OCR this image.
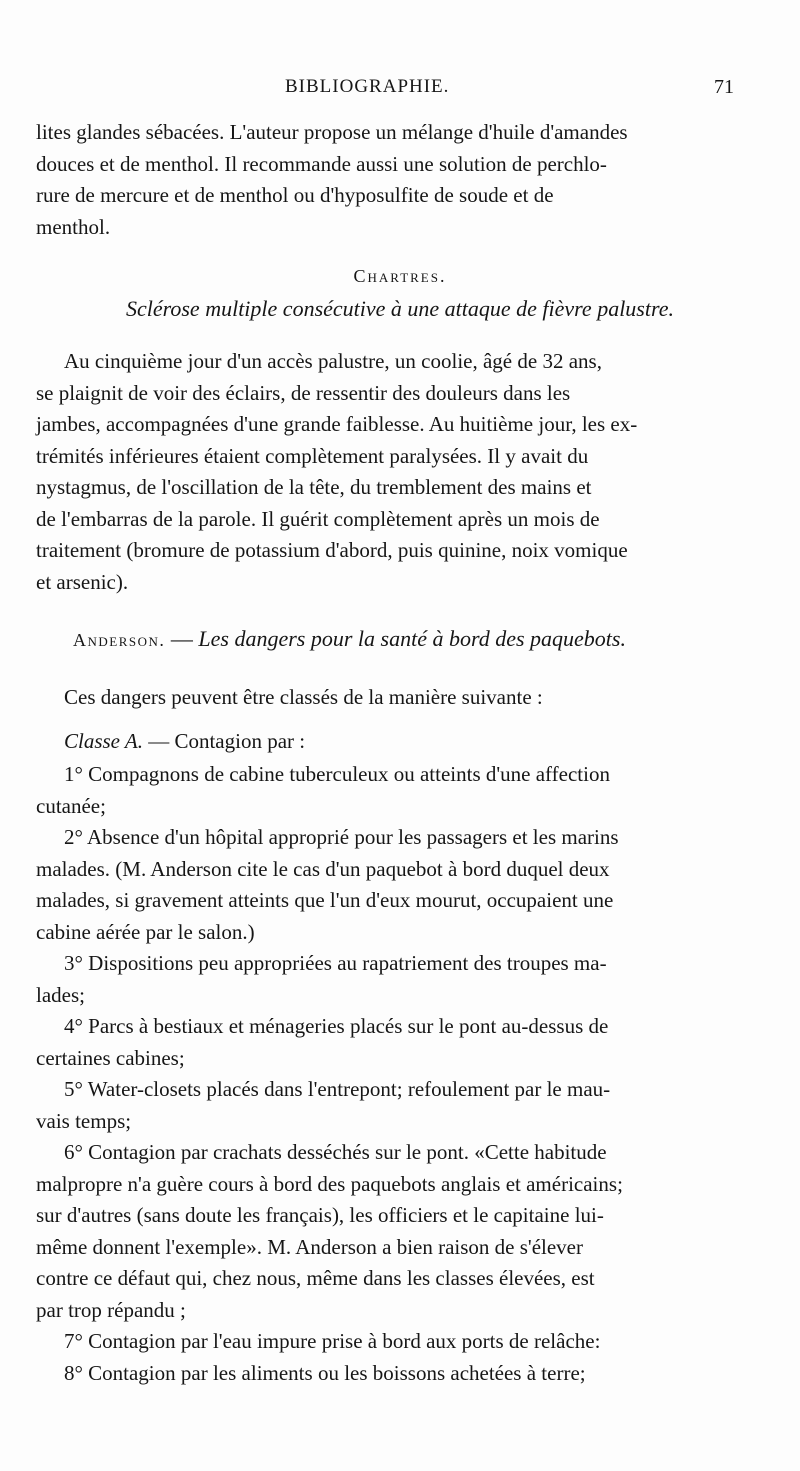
BIBLIOGRAPHIE.	71
lites glandes sébacées. L'auteur propose un mélange d'huile d'amandes
douces et de menthol. Il recommande aussi une solution de perchlo-
rure de mercure et de menthol ou d'hyposulfite de soude et de
menthol.
Chartres.
Sclérose multiple consécutive à une attaque de fièvre palustre.
Au cinquième jour d'un accès palustre, un coolie, âgé de 32 ans,
se plaignit de voir des éclairs, de ressentir des douleurs dans les
jambes, accompagnées d'une grande faiblesse. Au huitième jour, les ex-
trémités inférieures étaient complètement paralysées. Il y avait du
nystagmus, de l'oscillation de la tête, du tremblement des mains et
de l'embarras de la parole. Il guérit complètement après un mois de
traitement (bromure de potassium d'abord, puis quinine, noix vomique
et arsenic).
Anderson. — Les dangers pour la santé à bord des paquebots.
Ces dangers peuvent être classés de la manière suivante :
Classe A. — Contagion par :
1° Compagnons de cabine tuberculeux ou atteints d'une affection
cutanée;
2° Absence d'un hôpital approprié pour les passagers et les marins
malades. (M. Anderson cite le cas d'un paquebot à bord duquel deux
malades, si gravement atteints que l'un d'eux mourut, occupaient une
cabine aérée par le salon.)
3° Dispositions peu appropriées au rapatriement des troupes ma-
lades;
4° Parcs à bestiaux et ménageries placés sur le pont au-dessus de
certaines cabines;
5° Water-closets placés dans l'entrepont; refoulement par le mau-
vais temps;
6° Contagion par crachats desséchés sur le pont. «Cette habitude
malpropre n'a guère cours à bord des paquebots anglais et américains;
sur d'autres (sans doute les français), les officiers et le capitaine lui-
même donnent l'exemple». M. Anderson a bien raison de s'élever
contre ce défaut qui, chez nous, même dans les classes élevées, est
par trop répandu ;
7° Contagion par l'eau impure prise à bord aux ports de relâche:
8° Contagion par les aliments ou les boissons achetées à terre;
